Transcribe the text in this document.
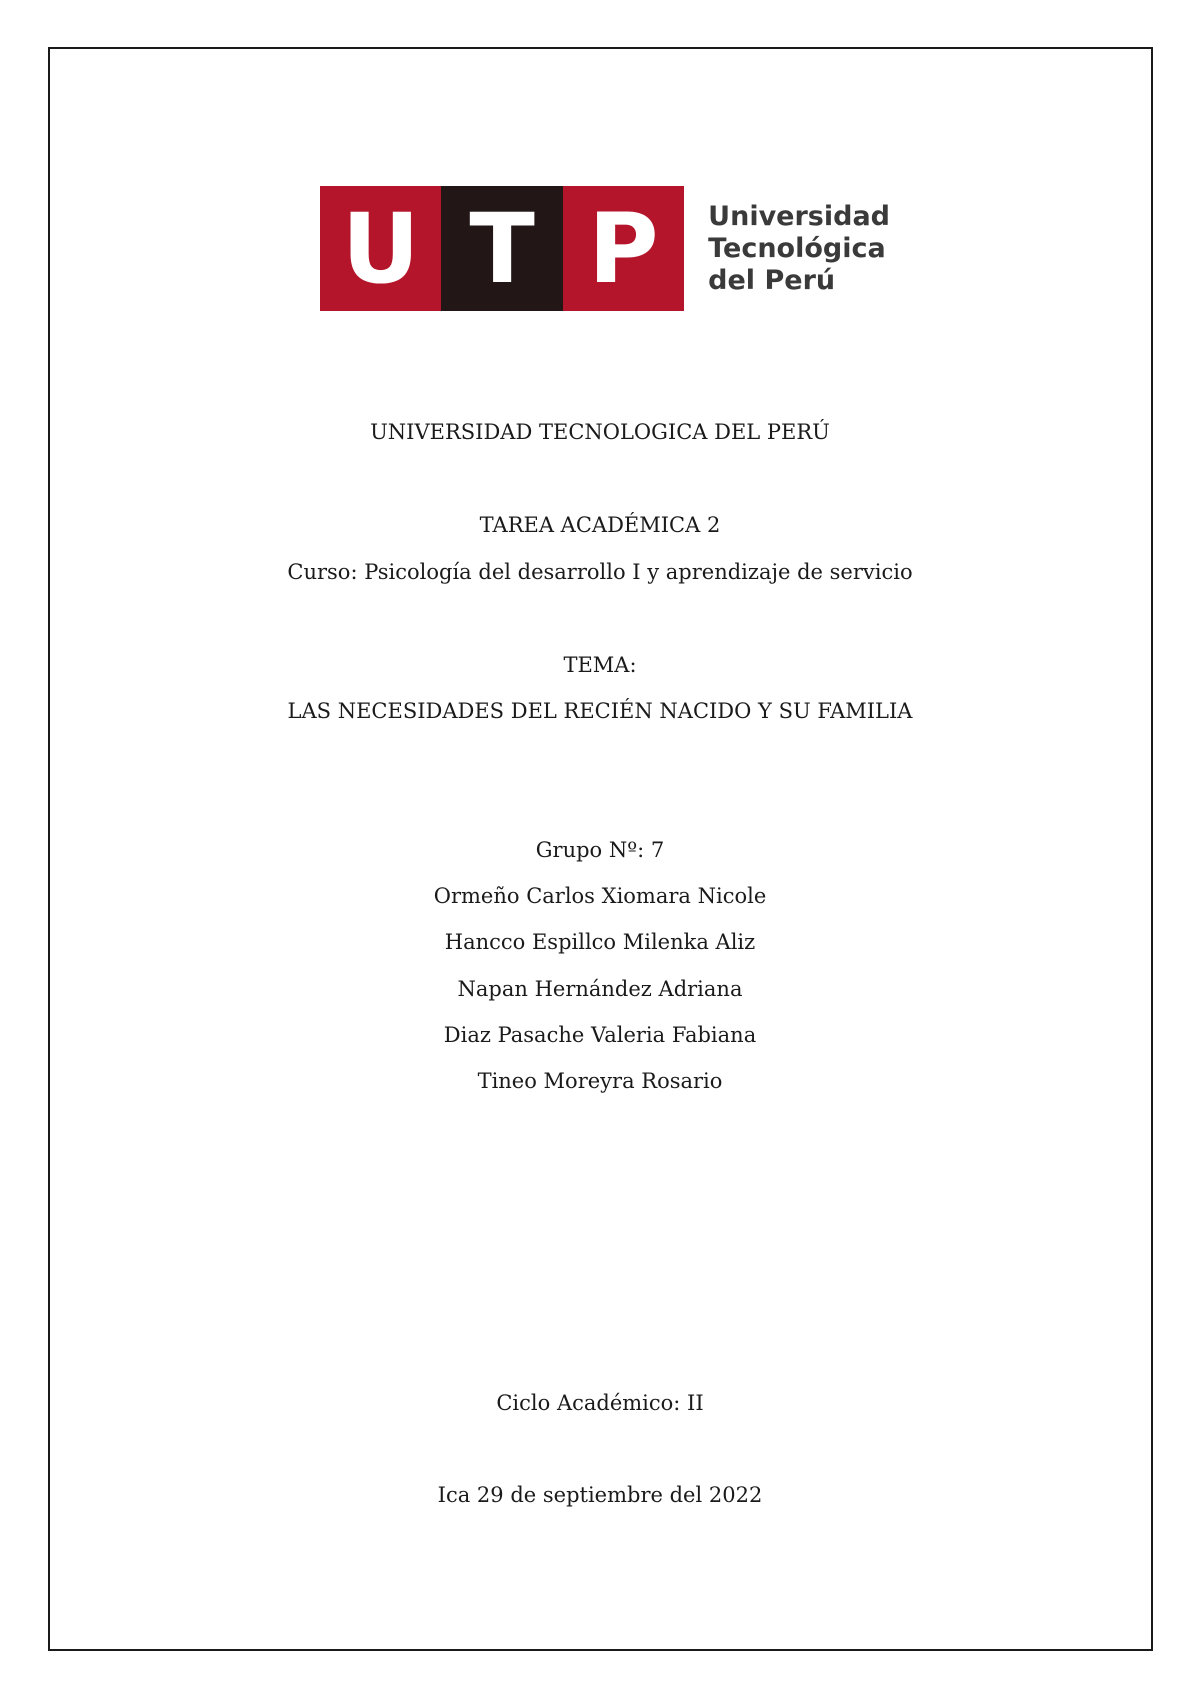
U T P	Universidad
Tecnológica
del Perú
UNIVERSIDAD TECNOLOGICA DEL PERÚ
TAREA ACADÉMICA 2
Curso: Psicología del desarrollo I y aprendizaje de servicio
TEMA:
LAS NECESIDADES DEL RECIÉN NACIDO Y SU FAMILIA
Grupo Nº: 7
Ormeño Carlos Xiomara Nicole
Hancco Espillco Milenka Aliz
Napan Hernández Adriana
Diaz Pasache Valeria Fabiana
Tineo Moreyra Rosario
Ciclo Académico: II
Ica 29 de septiembre del 2022
